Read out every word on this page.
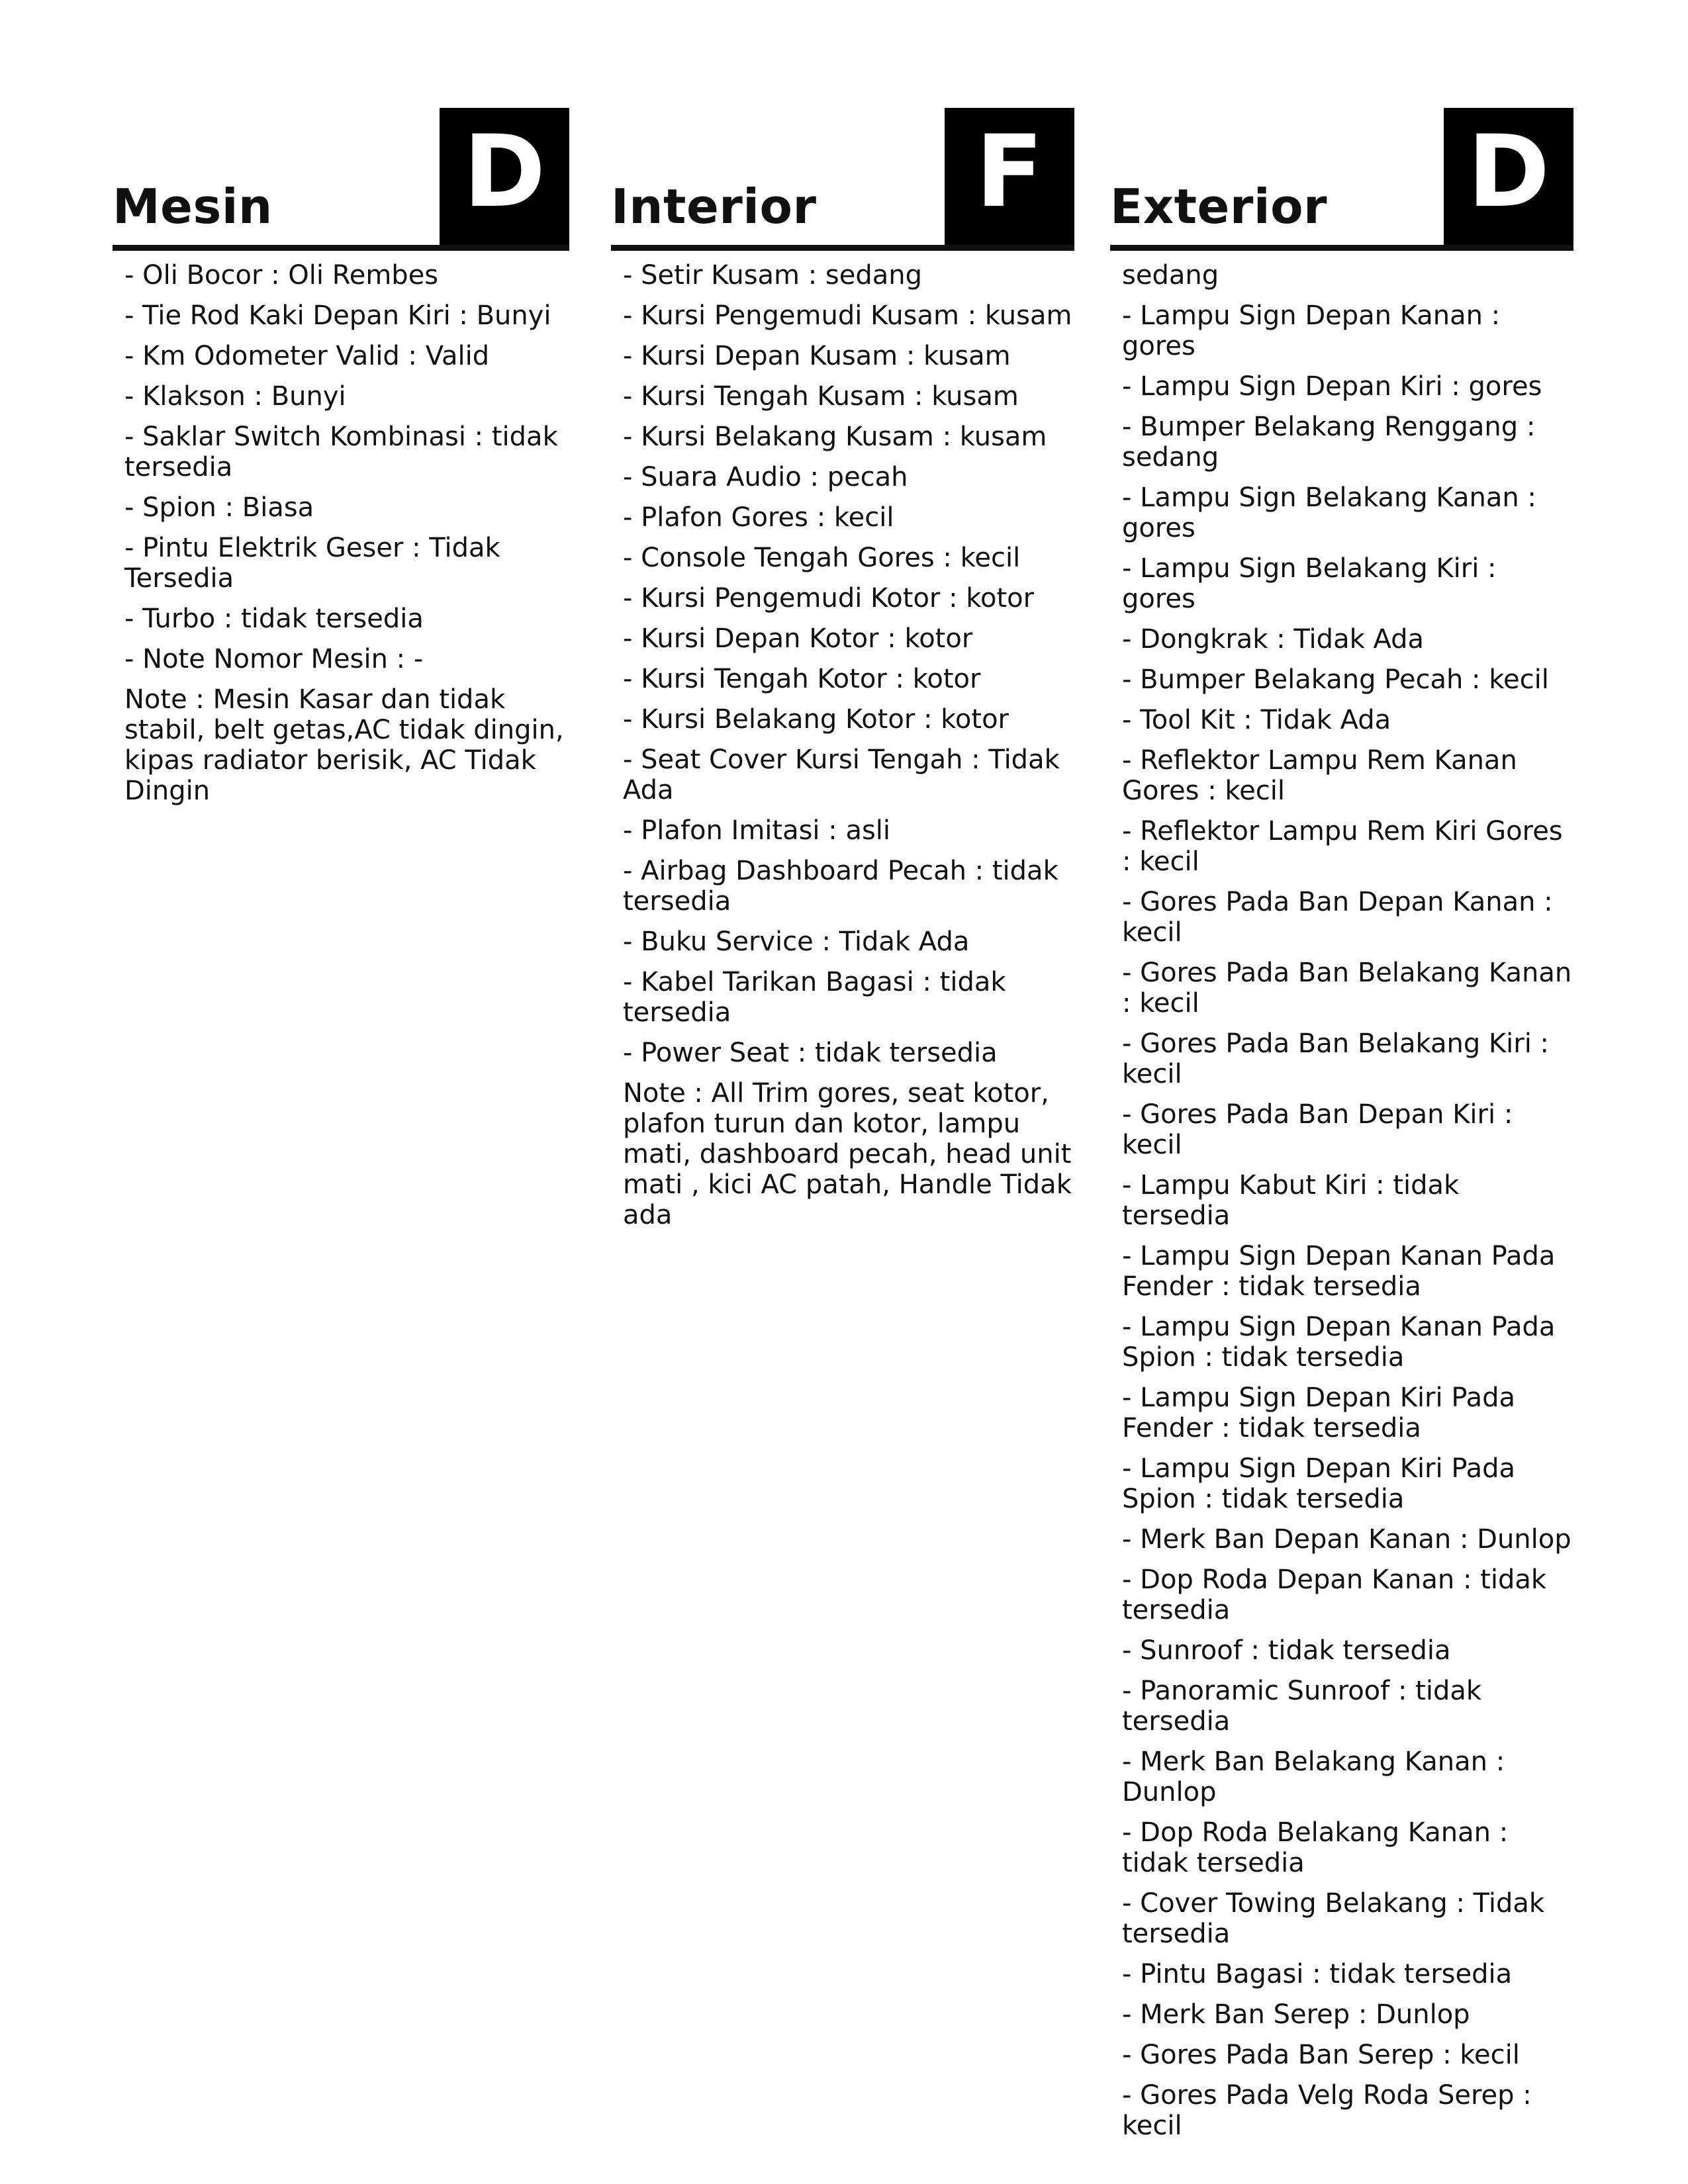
Mesin D
- Oli Bocor : Oli Rembes
- Tie Rod Kaki Depan Kiri : Bunyi
- Km Odometer Valid : Valid
- Klakson : Bunyi
- Saklar Switch Kombinasi : tidak tersedia
- Spion : Biasa
- Pintu Elektrik Geser : Tidak Tersedia
- Turbo : tidak tersedia
- Note Nomor Mesin : -
Note : Mesin Kasar dan tidak stabil, belt getas,AC tidak dingin, kipas radiator berisik, AC Tidak Dingin
Interior	F
- Setir Kusam : sedang
- Kursi Pengemudi Kusam : kusam
- Kursi Depan Kusam : kusam
- Kursi Tengah Kusam : kusam
- Kursi Belakang Kusam : kusam
- Suara Audio : pecah
- Plafon Gores : kecil
- Console Tengah Gores : kecil
- Kursi Pengemudi Kotor : kotor
- Kursi Depan Kotor : kotor
- Kursi Tengah Kotor : kotor
- Kursi Belakang Kotor : kotor
- Seat Cover Kursi Tengah : Tidak Ada
- Plafon Imitasi : asli
- Airbag Dashboard Pecah : tidak tersedia
- Buku Service : Tidak Ada
- Kabel Tarikan Bagasi : tidak tersedia
- Power Seat : tidak tersedia
Note : All Trim gores, seat kotor, plafon turun dan kotor, lampu mati, dashboard pecah, head unit mati , kici AC patah, Handle Tidak ada
Exterior D
sedang
- Lampu Sign Depan Kanan : gores
- Lampu Sign Depan Kiri : gores
- Bumper Belakang Renggang : sedang
- Lampu Sign Belakang Kanan : gores
- Lampu Sign Belakang Kiri : gores
- Dongkrak : Tidak Ada
- Bumper Belakang Pecah : kecil
- Tool Kit : Tidak Ada
- Reflektor Lampu Rem Kanan Gores : kecil
- Reflektor Lampu Rem Kiri Gores : kecil
- Gores Pada Ban Depan Kanan : kecil
- Gores Pada Ban Belakang Kanan : kecil
- Gores Pada Ban Belakang Kiri : kecil
- Gores Pada Ban Depan Kiri : kecil
- Lampu Kabut Kiri : tidak tersedia
- Lampu Sign Depan Kanan Pada Fender : tidak tersedia
- Lampu Sign Depan Kanan Pada Spion : tidak tersedia
- Lampu Sign Depan Kiri Pada Fender : tidak tersedia
- Lampu Sign Depan Kiri Pada Spion : tidak tersedia
- Merk Ban Depan Kanan : Dunlop
- Dop Roda Depan Kanan : tidak tersedia
- Sunroof : tidak tersedia
- Panoramic Sunroof : tidak tersedia
- Merk Ban Belakang Kanan : Dunlop
- Dop Roda Belakang Kanan : tidak tersedia
- Cover Towing Belakang : Tidak tersedia
- Pintu Bagasi : tidak tersedia
- Merk Ban Serep : Dunlop
- Gores Pada Ban Serep : kecil
- Gores Pada Velg Roda Serep : kecil
